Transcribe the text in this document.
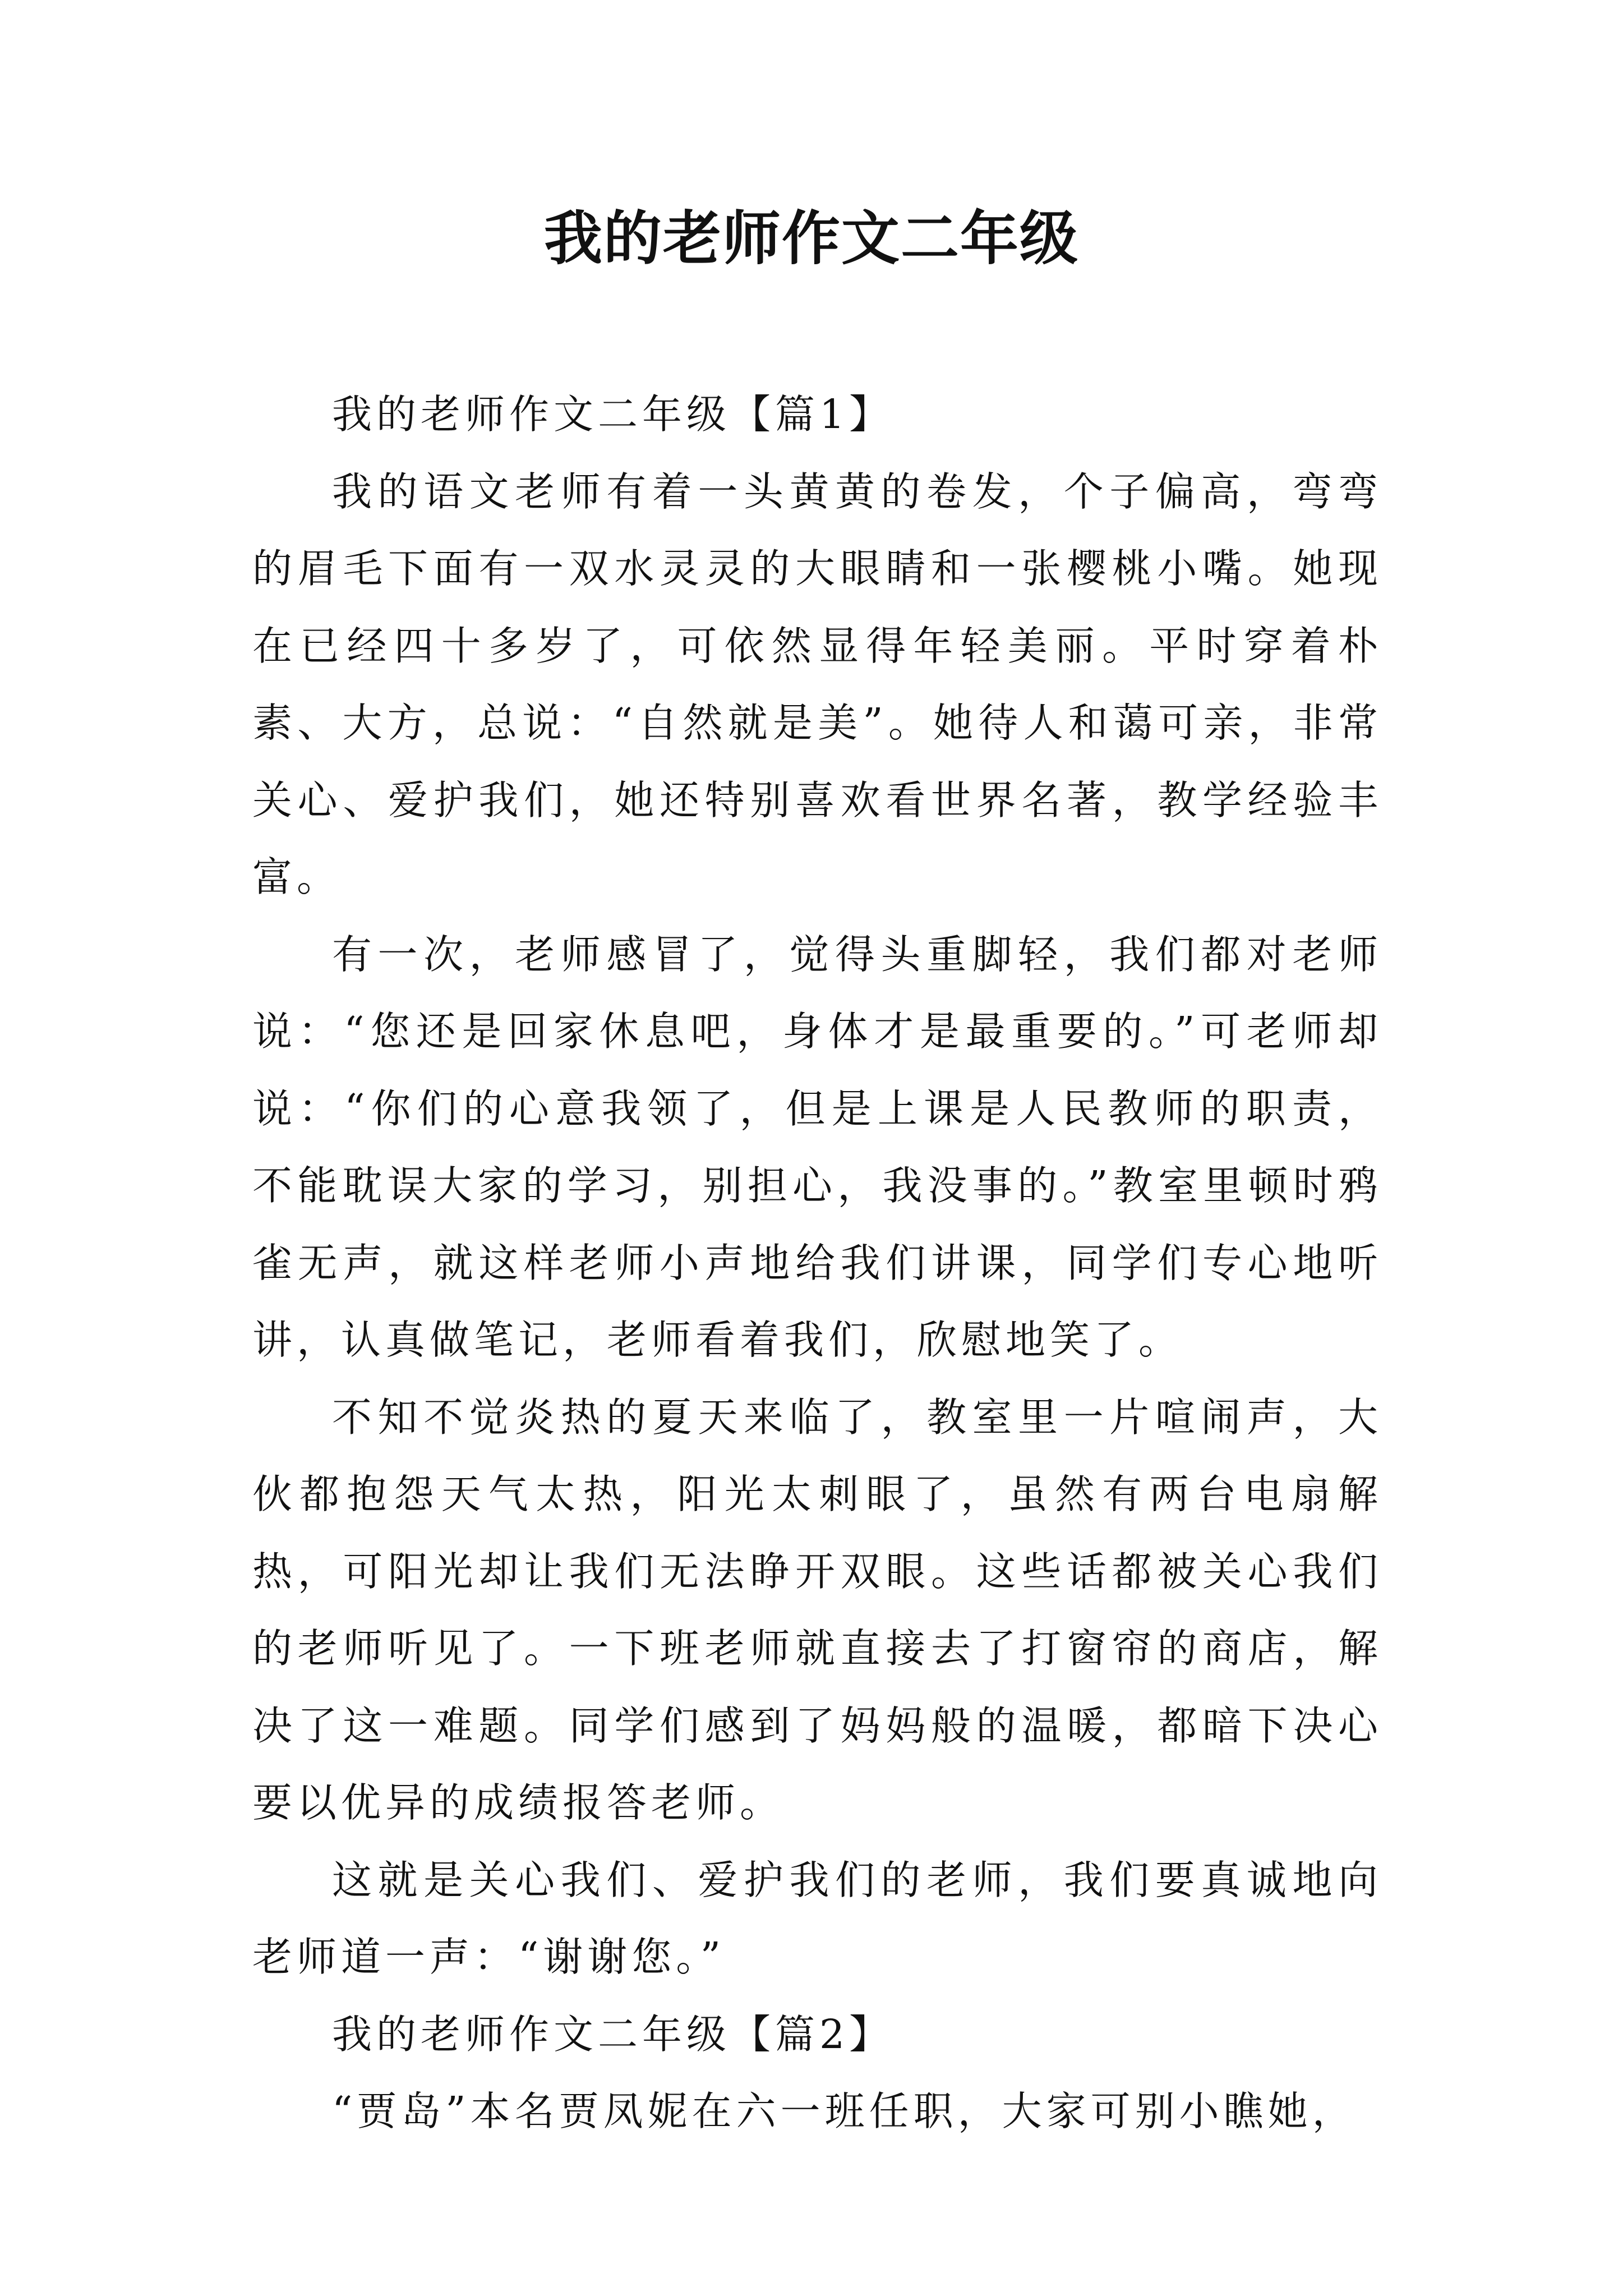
我的老师作文二年级

我的老师作文二年级【篇1】

我的语文老师有着一头黄黄的卷发，个子偏高，弯弯的眉毛下面有一双水灵灵的大眼睛和一张樱桃小嘴。她现在已经四十多岁了，可依然显得年轻美丽。平时穿着朴素、大方，总说：“自然就是美”。她待人和蔼可亲，非常关心、爱护我们，她还特别喜欢看世界名著，教学经验丰富。

有一次，老师感冒了，觉得头重脚轻，我们都对老师说：“您还是回家休息吧，身体才是最重要的。”可老师却说：“你们的心意我领了，但是上课是人民教师的职责，不能耽误大家的学习，别担心，我没事的。”教室里顿时鸦雀无声，就这样老师小声地给我们讲课，同学们专心地听讲，认真做笔记，老师看着我们，欣慰地笑了。

不知不觉炎热的夏天来临了，教室里一片喧闹声，大伙都抱怨天气太热，阳光太刺眼了，虽然有两台电扇解热，可阳光却让我们无法睁开双眼。这些话都被关心我们的老师听见了。一下班老师就直接去了打窗帘的商店，解决了这一难题。同学们感到了妈妈般的温暖，都暗下决心要以优异的成绩报答老师。

这就是关心我们、爱护我们的老师，我们要真诚地向老师道一声：“谢谢您。”

我的老师作文二年级【篇2】

“贾岛”本名贾凤妮在六一班任职，大家可别小瞧她，
